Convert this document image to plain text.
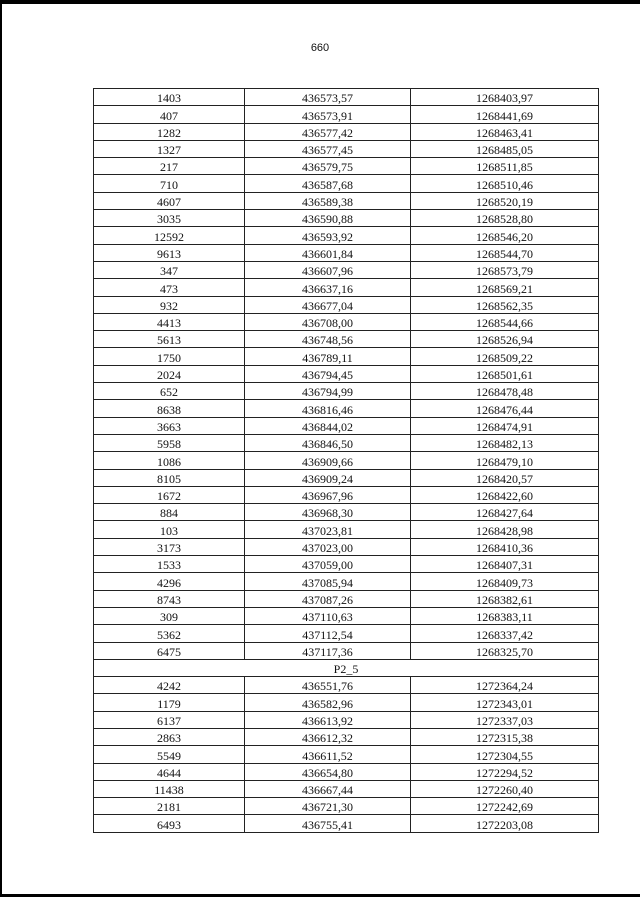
660
1403	436573,57	1268403,97
407	436573,91	1268441,69
1282	436577,42	1268463,41
1327	436577,45	1268485,05
217	436579,75	1268511,85
710	436587,68	1268510,46
4607	436589,38	1268520,19
3035	436590,88	1268528,80
12592	436593,92	1268546,20
9613	436601,84	1268544,70
347	436607,96	1268573,79
473	436637,16	1268569,21
932	436677,04	1268562,35
4413	436708,00	1268544,66
5613	436748,56	1268526,94
1750	436789,11	1268509,22
2024	436794,45	1268501,61
652	436794,99	1268478,48
8638	436816,46	1268476,44
3663	436844,02	1268474,91
5958	436846,50	1268482,13
1086	436909,66	1268479,10
8105	436909,24	1268420,57
1672	436967,96	1268422,60
884	436968,30	1268427,64
103	437023,81	1268428,98
3173	437023,00	1268410,36
1533	437059,00	1268407,31
4296	437085,94	1268409,73
8743	437087,26	1268382,61
309	437110,63	1268383,11
5362	437112,54	1268337,42
6475	437117,36	1268325,70
P2_5		
4242	436551,76	1272364,24
1179	436582,96	1272343,01
6137	436613,92	1272337,03
2863	436612,32	1272315,38
5549	436611,52	1272304,55
4644	436654,80	1272294,52
11438	436667,44	1272260,40
2181	436721,30	1272242,69
6493	436755,41	1272203,08
